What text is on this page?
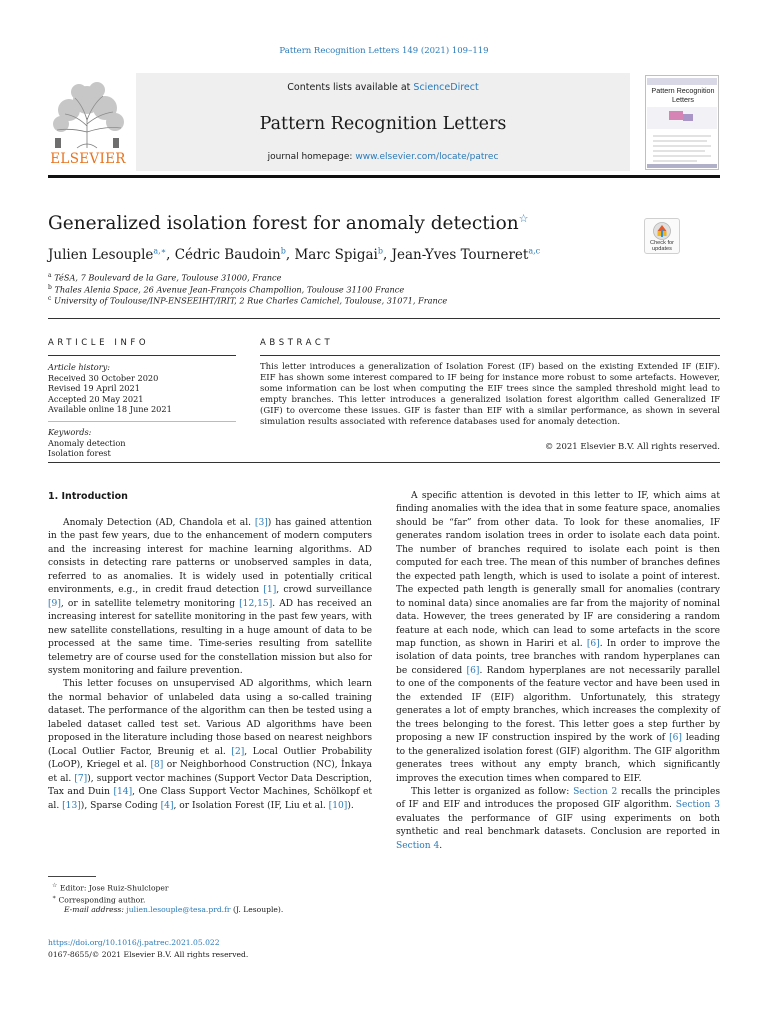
Pattern Recognition Letters 149 (2021) 109–119
ELSEVIER
Contents lists available at ScienceDirect
Pattern Recognition Letters
journal homepage: www.elsevier.com/locate/patrec
Pattern Recognition Letters
Generalized isolation forest for anomaly detection☆
Check for updates
Julien Lesouple$^{a,∗}$, Cédric Baudoin$^b$, Marc Spigai$^b$, Jean-Yves Tourneret$^{a,c}$
$^a$ TéSA, 7 Boulevard de la Gare, Toulouse 31000, France
$^b$ Thales Alenia Space, 26 Avenue Jean-François Champollion, Toulouse 31100 France
$^c$ University of Toulouse/INP-ENSEEIHT/IRIT, 2 Rue Charles Camichel, Toulouse, 31071, France
ARTICLE INFO
Article history:
Received 30 October 2020
Revised 19 April 2021
Accepted 20 May 2021
Available online 18 June 2021
Keywords:
Anomaly detection
Isolation forest
ABSTRACT
This letter introduces a generalization of Isolation Forest (IF) based on the existing Extended IF (EIF). EIF has shown some interest compared to IF being for instance more robust to some artefacts. However, some information can be lost when computing the EIF trees since the sampled threshold might lead to empty branches. This letter introduces a generalized isolation forest algorithm called Generalized IF (GIF) to overcome these issues. GIF is faster than EIF with a similar performance, as shown in several simulation results associated with reference databases used for anomaly detection.
© 2021 Elsevier B.V. All rights reserved.
1. Introduction

Anomaly Detection (AD, Chandola et al. [3]) has gained attention in the past few years, due to the enhancement of modern computers and the increasing interest for machine learning algorithms. AD consists in detecting rare patterns or unobserved samples in data, referred to as anomalies. It is widely used in potentially critical environments, e.g., in credit fraud detection [1], crowd surveillance [9], or in satellite telemetry monitoring [12,15]. AD has received an increasing interest for satellite monitoring in the past few years, with new satellite constellations, resulting in a huge amount of data to be processed at the same time. Time-series resulting from satellite telemetry are of course used for the constellation mission but also for system monitoring and failure prevention.

This letter focuses on unsupervised AD algorithms, which learn the normal behavior of unlabeled data using a so-called training dataset. The performance of the algorithm can then be tested using a labeled dataset called test set. Various AD algorithms have been proposed in the literature including those based on nearest neighbors (Local Outlier Factor, Breunig et al. [2], Local Outlier Probability (LoOP), Kriegel et al. [8] or Neighborhood Construction (NC), İnkaya et al. [7]), support vector machines (Support Vector Data Description, Tax and Duin [14], One Class Support Vector Machines, Schölkopf et al. [13]), Sparse Coding [4], or Isolation Forest (IF, Liu et al. [10]).

A specific attention is devoted in this letter to IF, which aims at finding anomalies with the idea that in some feature space, anomalies should be “far” from other data. To look for these anomalies, IF generates random isolation trees in order to isolate each data point. The number of branches required to isolate each point is then computed for each tree. The mean of this number of branches defines the expected path length, which is used to isolate a point of interest. The expected path length is generally small for anomalies (contrary to nominal data) since anomalies are far from the majority of nominal data. However, the trees generated by IF are considering a random feature at each node, which can lead to some artefacts in the score map function, as shown in Hariri et al. [6]. In order to improve the isolation of data points, tree branches with random hyperplanes can be considered [6]. Random hyperplanes are not necessarily parallel to one of the components of the feature vector and have been used in the extended IF (EIF) algorithm. Unfortunately, this strategy generates a lot of empty branches, which increases the complexity of the trees belonging to the forest. This letter goes a step further by proposing a new IF construction inspired by the work of [6] leading to the generalized isolation forest (GIF) algorithm. The GIF algorithm generates trees without any empty branch, which significantly improves the execution times when compared to EIF.

This letter is organized as follow: Section 2 recalls the principles of IF and EIF and introduces the proposed GIF algorithm. Section 3 evaluates the performance of GIF using experiments on both synthetic and real benchmark datasets. Conclusion are reported in Section 4.

☆ Editor: Jose Ruiz-Shulcloper
∗ Corresponding author.
E-mail address: julien.lesouple@tesa.prd.fr (J. Lesouple).
https://doi.org/10.1016/j.patrec.2021.05.022
0167-8655/© 2021 Elsevier B.V. All rights reserved.
